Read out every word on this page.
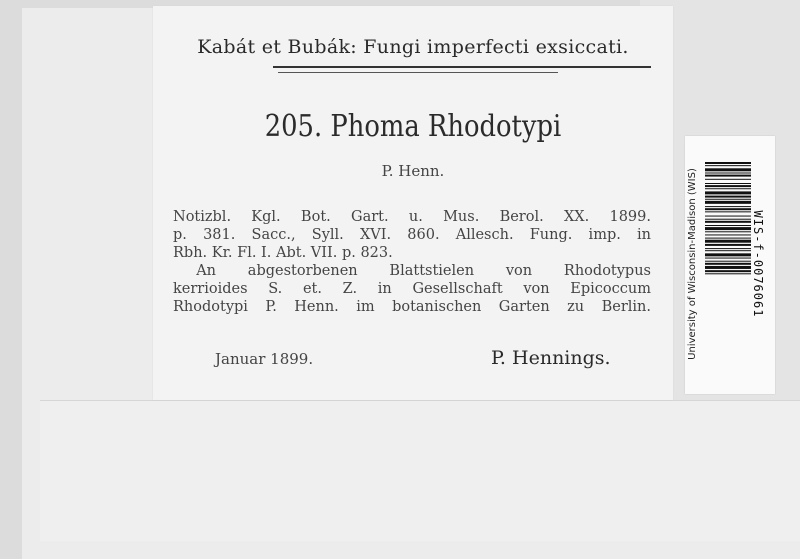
Kabát et Bubák: Fungi imperfecti exsiccati.
205. Phoma Rhodotypi
P. Henn.

Notizbl. Kgl. Bot. Gart. u. Mus. Berol. XX. 1899.

p. 381. Sacc., Syll. XVI. 860. Allesch. Fung. imp. in

Rbh. Kr. Fl. I. Abt. VII. p. 823.

An abgestorbenen Blattstielen von Rhodotypus

kerrioides S. et. Z. in Gesellschaft von Epicoccum

Rhodotypi P. Henn. im botanischen Garten zu Berlin.

Januar 1899.	P. Hennings.	University of Wisconsin-Madison (WIS)	WIS-f-0076061
